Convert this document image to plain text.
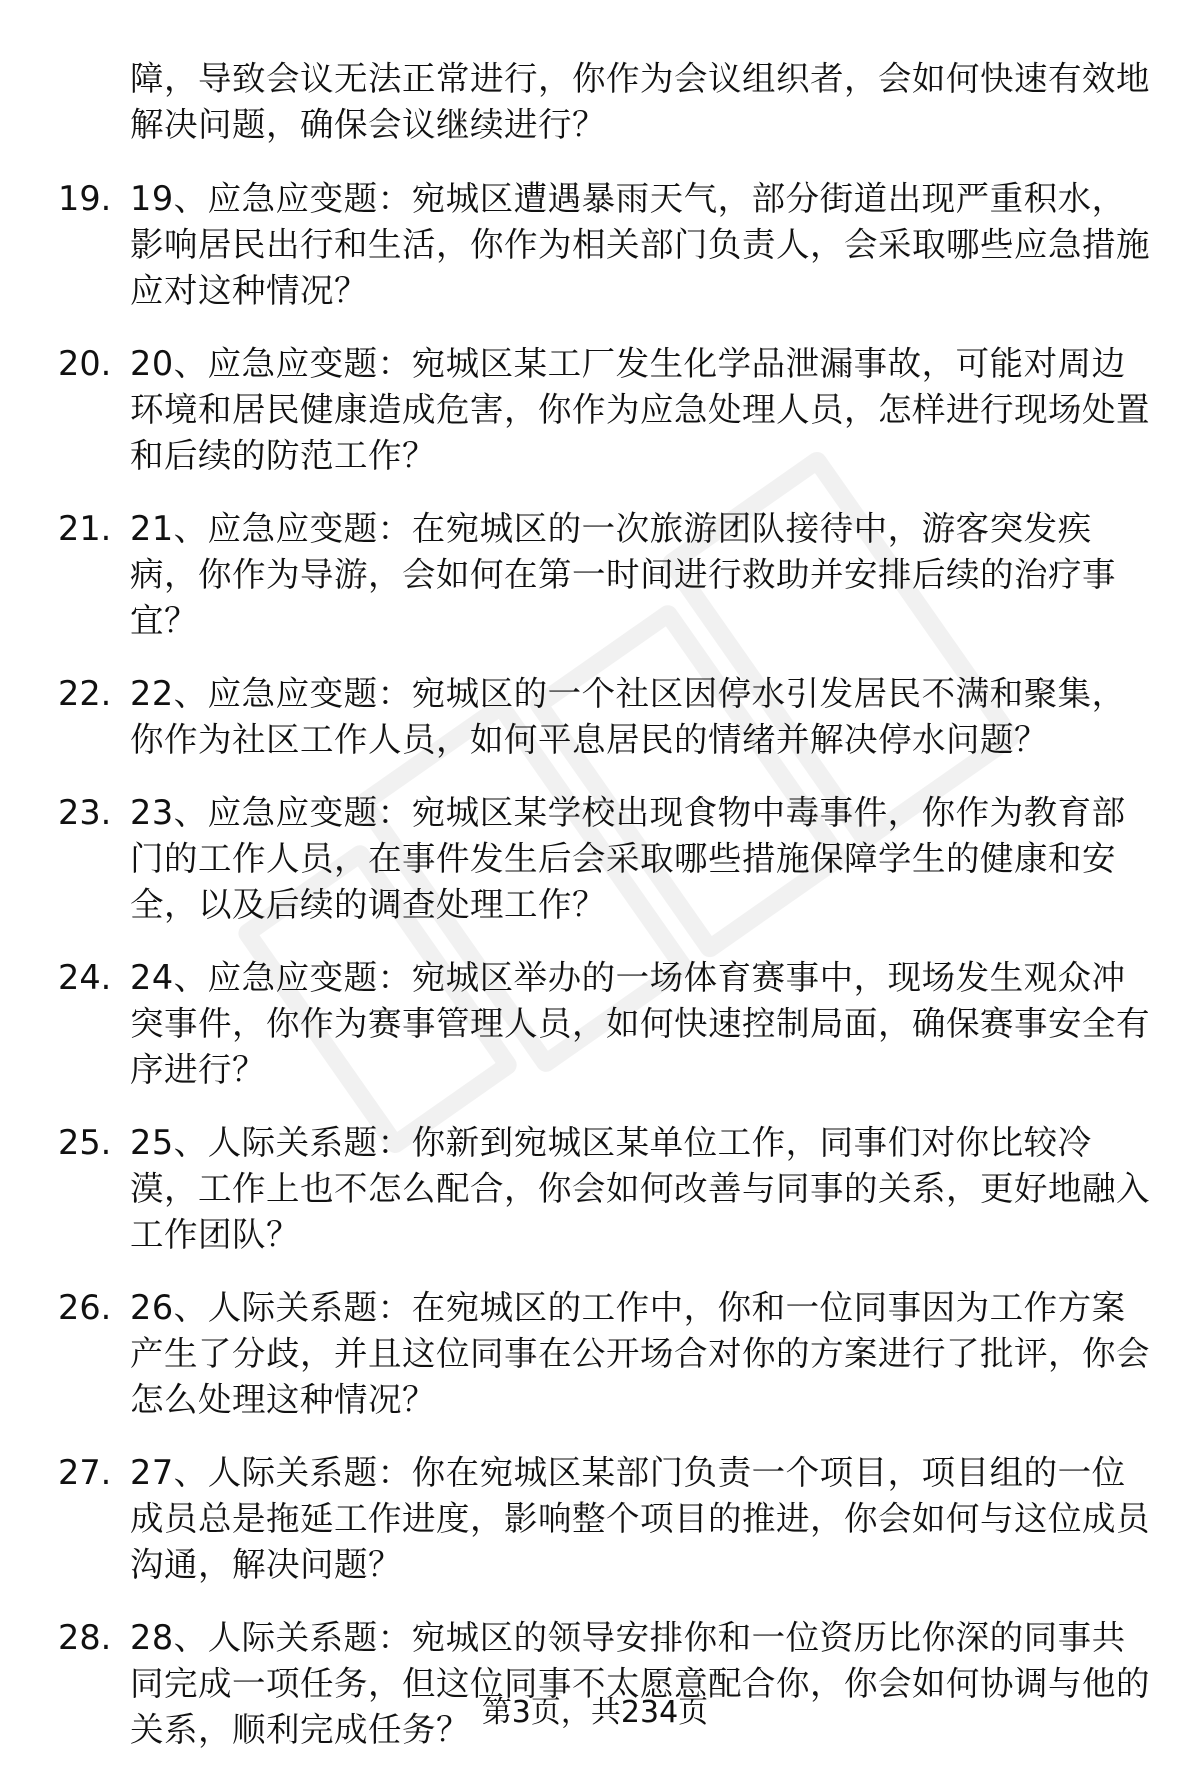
障，导致会议无法正常进行，你作为会议组织者，会如何快速有效地解决问题，确保会议继续进行？
19. 19、应急应变题：宛城区遭遇暴雨天气，部分街道出现严重积水，影响居民出行和生活，你作为相关部门负责人，会采取哪些应急措施应对这种情况？
20. 20、应急应变题：宛城区某工厂发生化学品泄漏事故，可能对周边环境和居民健康造成危害，你作为应急处理人员，怎样进行现场处置和后续的防范工作？
21. 21、应急应变题：在宛城区的一次旅游团队接待中，游客突发疾病，你作为导游，会如何在第一时间进行救助并安排后续的治疗事宜？
22. 22、应急应变题：宛城区的一个社区因停水引发居民不满和聚集，你作为社区工作人员，如何平息居民的情绪并解决停水问题？
23. 23、应急应变题：宛城区某学校出现食物中毒事件，你作为教育部门的工作人员，在事件发生后会采取哪些措施保障学生的健康和安全，以及后续的调查处理工作？
24. 24、应急应变题：宛城区举办的一场体育赛事中，现场发生观众冲突事件，你作为赛事管理人员，如何快速控制局面，确保赛事安全有序进行？
25. 25、人际关系题：你新到宛城区某单位工作，同事们对你比较冷漠，工作上也不怎么配合，你会如何改善与同事的关系，更好地融入工作团队？
26. 26、人际关系题：在宛城区的工作中，你和一位同事因为工作方案产生了分歧，并且这位同事在公开场合对你的方案进行了批评，你会怎么处理这种情况？
27. 27、人际关系题：你在宛城区某部门负责一个项目，项目组的一位成员总是拖延工作进度，影响整个项目的推进，你会如何与这位成员沟通，解决问题？
28. 28、人际关系题：宛城区的领导安排你和一位资历比你深的同事共同完成一项任务，但这位同事不太愿意配合你，你会如何协调与他的关系，顺利完成任务？ 第3页，共234页
